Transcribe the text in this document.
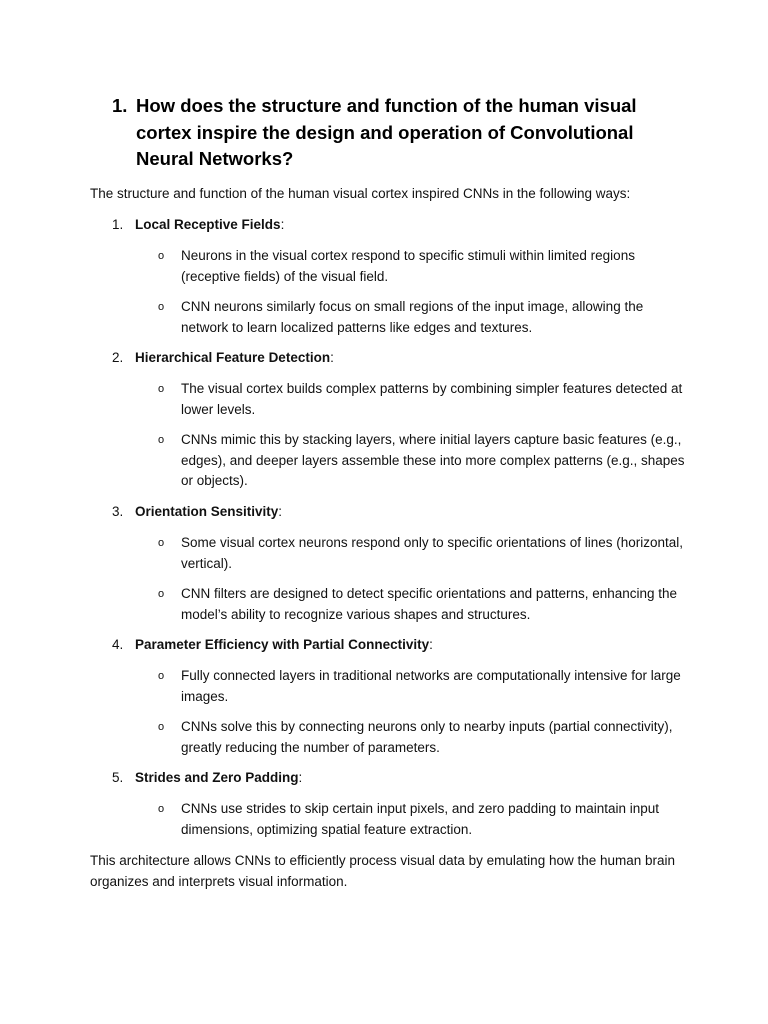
1. How does the structure and function of the human visual cortex inspire the design and operation of Convolutional Neural Networks?
The structure and function of the human visual cortex inspired CNNs in the following ways:
1. Local Receptive Fields:
o	Neurons in the visual cortex respond to specific stimuli within limited regions (receptive fields) of the visual field.
o	CNN neurons similarly focus on small regions of the input image, allowing the network to learn localized patterns like edges and textures.
2. Hierarchical Feature Detection:
o	The visual cortex builds complex patterns by combining simpler features detected at lower levels.
o	CNNs mimic this by stacking layers, where initial layers capture basic features (e.g., edges), and deeper layers assemble these into more complex patterns (e.g., shapes or objects).
3. Orientation Sensitivity:
o	Some visual cortex neurons respond only to specific orientations of lines (horizontal, vertical).
o	CNN filters are designed to detect specific orientations and patterns, enhancing the model’s ability to recognize various shapes and structures.
4. Parameter Efficiency with Partial Connectivity:
o	Fully connected layers in traditional networks are computationally intensive for large images.
o	CNNs solve this by connecting neurons only to nearby inputs (partial connectivity), greatly reducing the number of parameters.
5. Strides and Zero Padding:
o	CNNs use strides to skip certain input pixels, and zero padding to maintain input dimensions, optimizing spatial feature extraction.
This architecture allows CNNs to efficiently process visual data by emulating how the human brain organizes and interprets visual information.
